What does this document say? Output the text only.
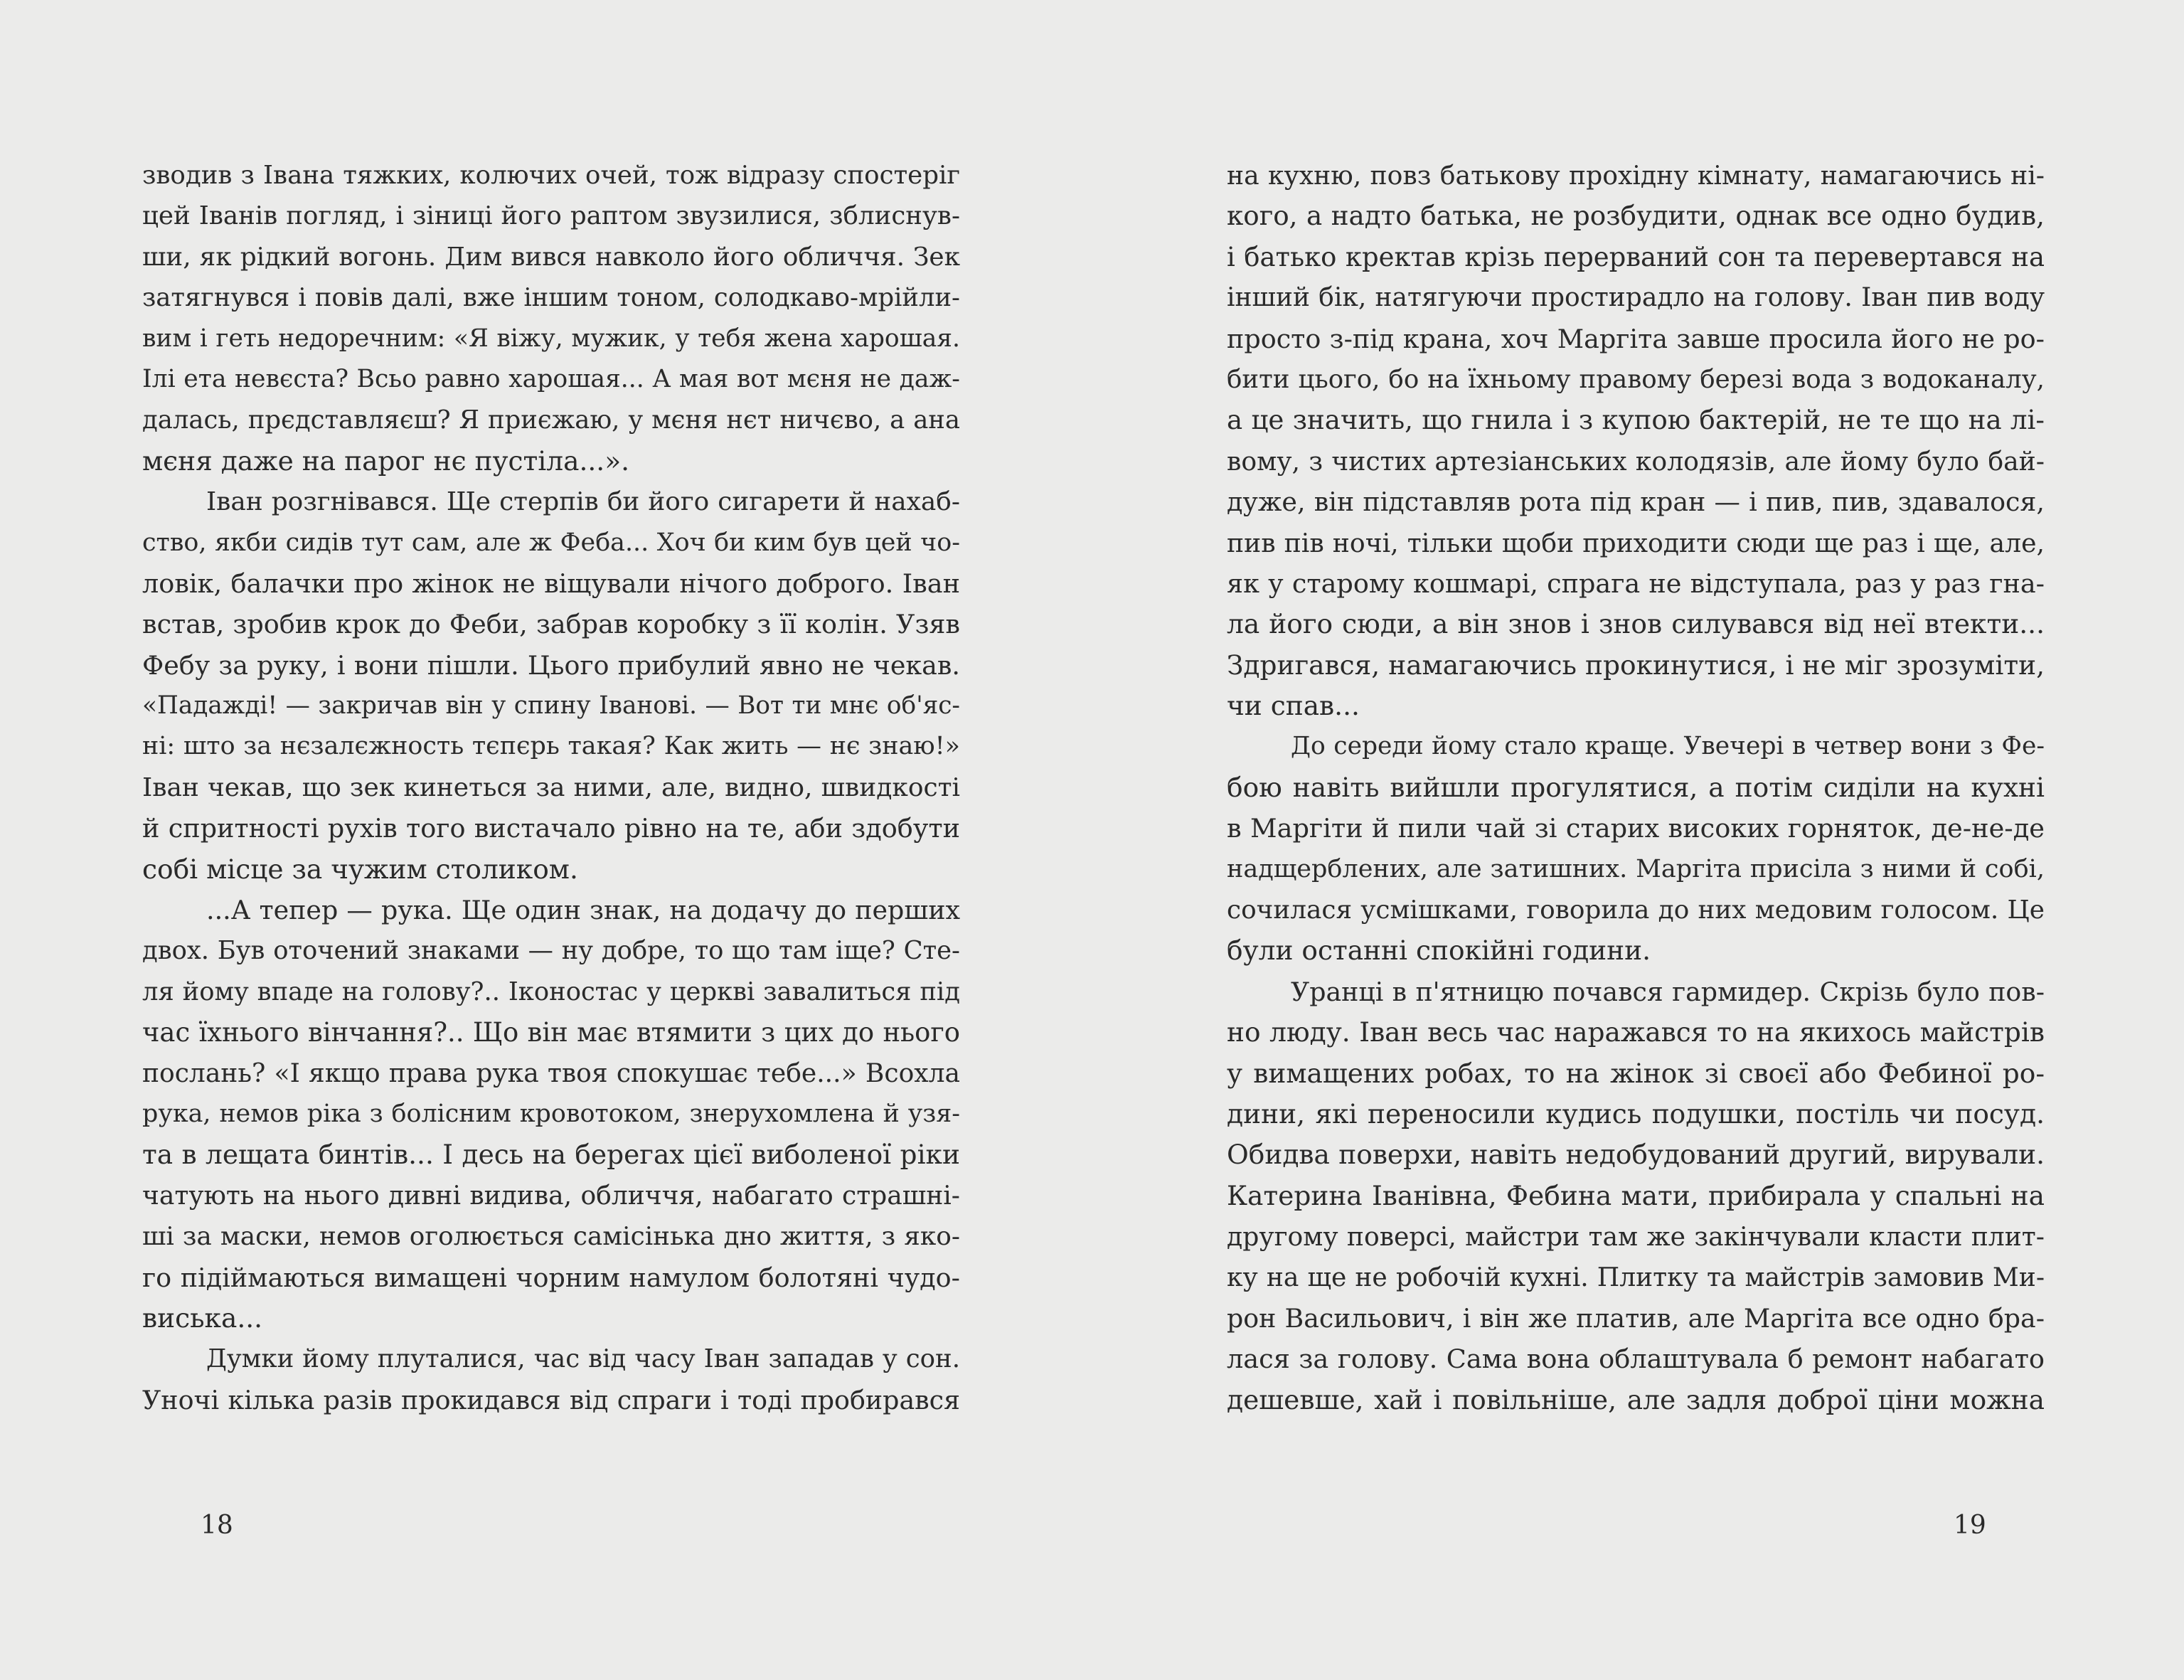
зводив з Івана тяжких, колючих очей, тож відразу спостеріг
цей Іванів погляд, і зіниці його раптом звузилися, зблиснув-
ши, як рідкий вогонь. Дим вився навколо його обличчя. Зек
затягнувся і повів далі, вже іншим тоном, солодкаво-мрійли-
вим і геть недоречним: «Я віжу, мужик, у тебя жена харошая.
Ілі ета невєста? Всьо равно харошая... А мая вот мєня не даж-
далась, прєдставляєш? Я приєжаю, у мєня нєт ничєво, а ана
мєня даже на парог нє пустіла...».
Іван розгнівався. Ще стерпів би його сигарети й нахаб-
ство, якби сидів тут сам, але ж Феба... Хоч би ким був цей чо-
ловік, балачки про жінок не віщували нічого доброго. Іван
встав, зробив крок до Феби, забрав коробку з її колін. Узяв
Фебу за руку, і вони пішли. Цього прибулий явно не чекав.
«Падажді! — закричав він у спину Іванові. — Вот ти мнє об'яс-
ні: што за нєзалєжность тєпєрь такая? Как жить — нє знаю!»
Іван чекав, що зек кинеться за ними, але, видно, швидкості
й спритності рухів того вистачало рівно на те, аби здобути
собі місце за чужим столиком.
...А тепер — рука. Ще один знак, на додачу до перших
двох. Був оточений знаками — ну добре, то що там іще? Сте-
ля йому впаде на голову?.. Іконостас у церкві завалиться під
час їхнього вінчання?.. Що він має втямити з цих до нього
послань? «І якщо права рука твоя спокушає тебе...» Всохла
рука, немов ріка з болісним кровотоком, знерухомлена й узя-
та в лещата бинтів... І десь на берегах цієї виболеної ріки
чатують на нього дивні видива, обличчя, набагато страшні-
ші за маски, немов оголюється самісінька дно життя, з яко-
го підіймаються вимащені чорним намулом болотяні чудо-
виська...
Думки йому плуталися, час від часу Іван западав у сон.
Уночі кілька разів прокидався від спраги і тоді пробирався
на кухню, повз батькову прохідну кімнату, намагаючись ні-
кого, а надто батька, не розбудити, однак все одно будив,
і батько кректав крізь перерваний сон та перевертався на
інший бік, натягуючи простирадло на голову. Іван пив воду
просто з-під крана, хоч Маргіта завше просила його не ро-
бити цього, бо на їхньому правому березі вода з водоканалу,
а це значить, що гнила і з купою бактерій, не те що на лі-
вому, з чистих артезіанських колодязів, але йому було бай-
дуже, він підставляв рота під кран — і пив, пив, здавалося,
пив пів ночі, тільки щоби приходити сюди ще раз і ще, але,
як у старому кошмарі, спрага не відступала, раз у раз гна-
ла його сюди, а він знов і знов силувався від неї втекти...
Здригався, намагаючись прокинутися, і не міг зрозуміти,
чи спав...
До середи йому стало краще. Увечері в четвер вони з Фе-
бою навіть вийшли прогулятися, а потім сиділи на кухні
в Маргіти й пили чай зі старих високих горняток, де-не-де
надщерблених, але затишних. Маргіта присіла з ними й собі,
сочилася усмішками, говорила до них медовим голосом. Це
були останні спокійні години.
Уранці в п'ятницю почався гармидер. Скрізь було пов-
но люду. Іван весь час наражався то на якихось майстрів
у вимащених робах, то на жінок зі своєї або Фебиної ро-
дини, які переносили кудись подушки, постіль чи посуд.
Обидва поверхи, навіть недобудований другий, вирували.
Катерина Іванівна, Фебина мати, прибирала у спальні на
другому поверсі, майстри там же закінчували класти плит-
ку на ще не робочій кухні. Плитку та майстрів замовив Ми-
рон Васильович, і він же платив, але Маргіта все одно бра-
лася за голову. Сама вона облаштувала б ремонт набагато
дешевше, хай і повільніше, але задля доброї ціни можна
18	19
